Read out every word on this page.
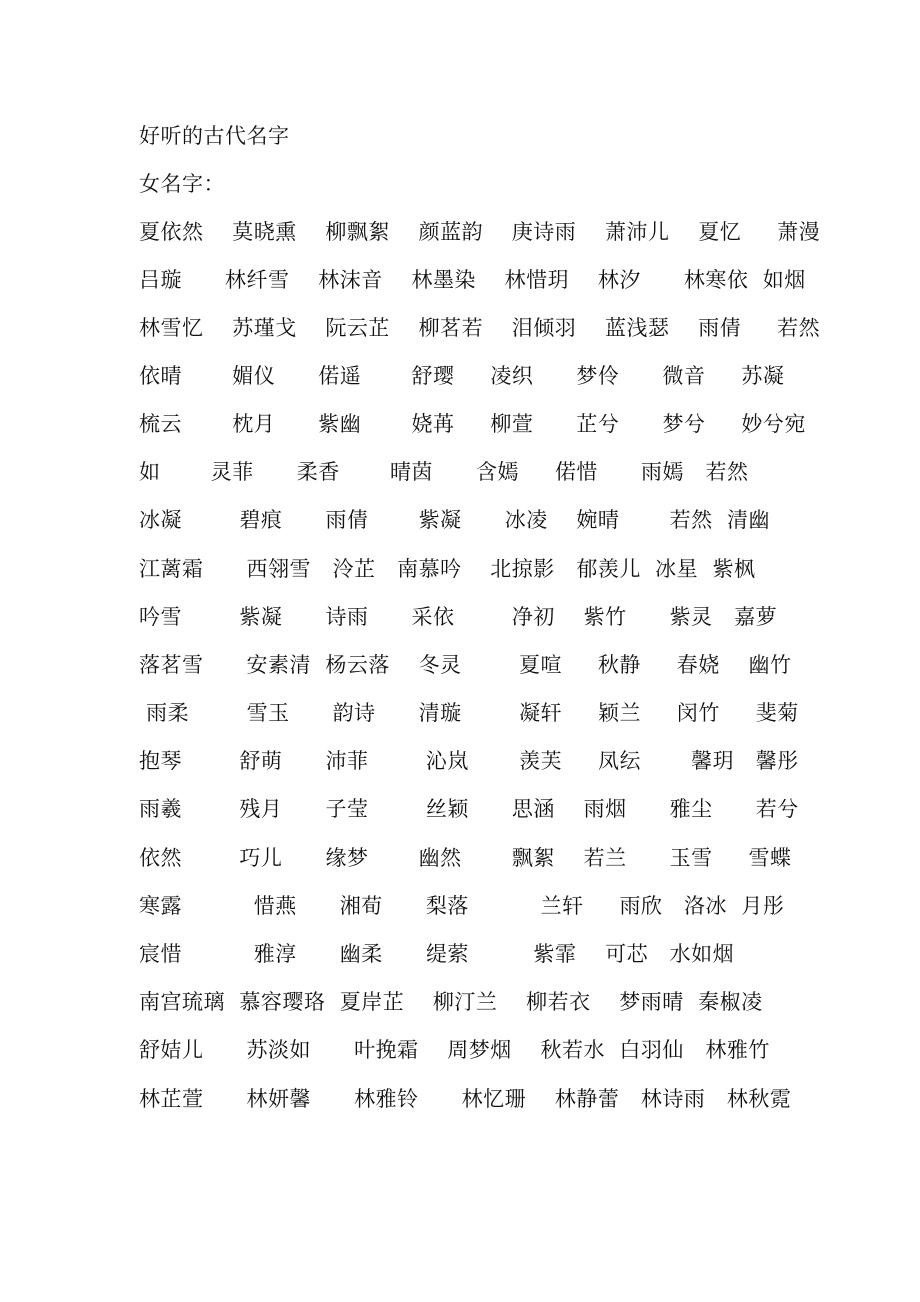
好听的古代名字
女名字：
夏依然    莫晓熏    柳飘絮    颜蓝韵    庚诗雨    萧沛儿    夏忆     萧漫
吕璇      林纤雪    林沫音    林墨染    林惜玥    林汐      林寒依  如烟
林雪忆    苏瑾戈    阮云芷    柳茗若    泪倾羽    蓝浅瑟    雨倩     若然
依晴       媚仪      偌遥       舒璎     凌织      梦伶      微音     苏凝
梳云       枕月      紫幽       娆苒     柳萱      芷兮      梦兮     妙兮宛
如       灵菲      柔香       晴茵      含嫣     偌惜      雨嫣   若然
冰凝        碧痕      雨倩       紫凝      冰凌    婉晴       若然  清幽
江蓠霜      西翎雪   泠芷   南慕吟    北掠影   郁羡儿  冰星  紫枫
吟雪        紫凝      诗雨      采依        净初    紫竹      紫灵   嘉萝
落茗雪      安素清  杨云落    冬灵        夏喧     秋静     春娆    幽竹
雨柔        雪玉      韵诗      清璇        凝轩     颖兰     闵竹     斐菊
抱琴        舒萌      沛菲        沁岚       羡芙     凤纭       馨玥   馨彤
雨羲        残月      子莹        丝颖      思涵    雨烟      雅尘      若兮
依然        巧儿      缘梦       幽然       飘絮    若兰      玉雪     雪蝶
寒露          惜燕      湘荀      梨落          兰轩     雨欣   洛冰  月彤
宸惜          雅淳      幽柔      缇萦         紫霏    可芯   水如烟
南宫琉璃  慕容璎珞  夏岸芷    柳汀兰    柳若衣    梦雨晴  秦椒凌
舒姞儿      苏淡如      叶挽霜    周梦烟    秋若水  白羽仙   林雅竹
林芷萱      林妍馨      林雅铃      林忆珊    林静蕾   林诗雨   林秋霓
